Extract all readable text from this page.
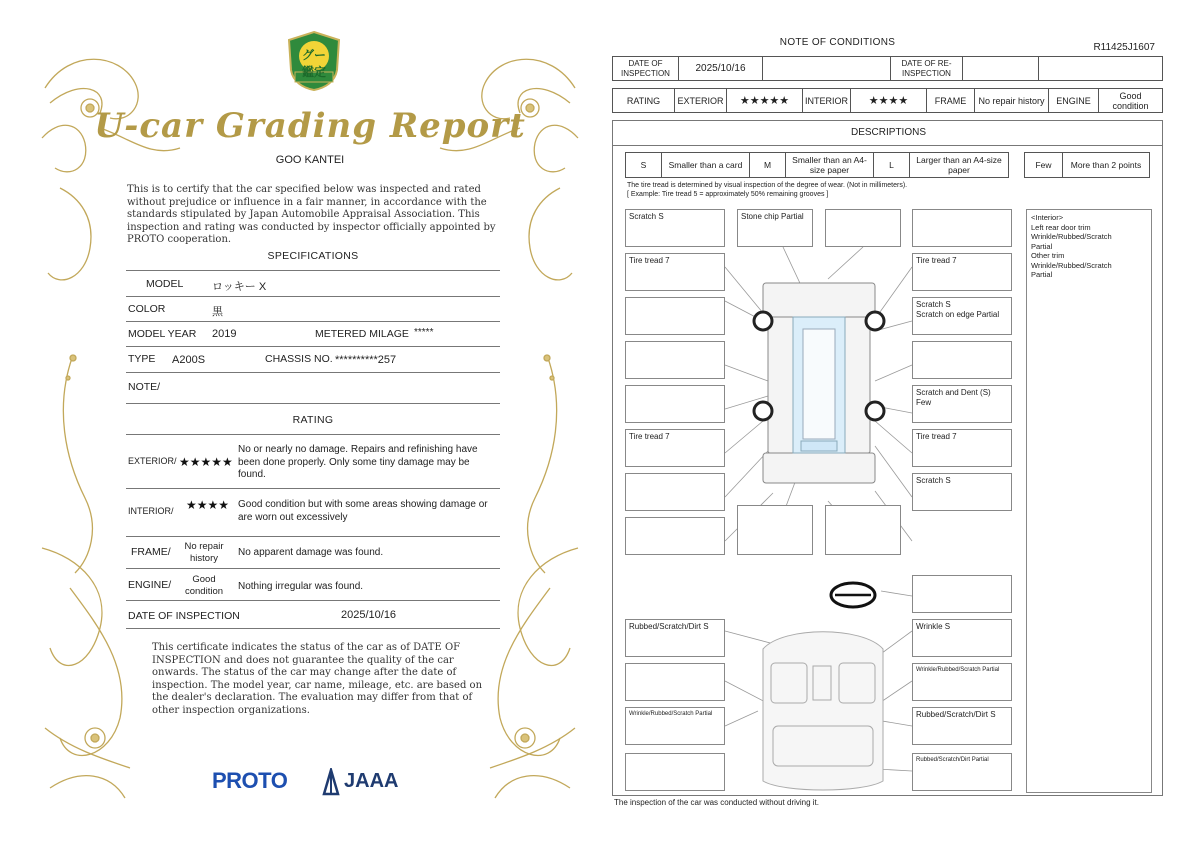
グー鑑定
U-car Grading Report
GOO KANTEI
This is to certify that the car specified below was inspected and rated without prejudice or influence in a fair manner, in accordance with the standards stipulated by Japan Automobile Appraisal Association. This inspection and rating was conducted by inspector officially appointed by PROTO cooperation.
SPECIFICATIONS
MODEL	ロッキー X
COLOR	黒
MODEL YEAR 2019	METERED MILAGE *****
TYPE A200S	CHASSIS NO. **********257
NOTE/
RATING
EXTERIOR/ ★★★★★
No or nearly no damage. Repairs and refinishing have been done properly. Only some tiny damage may be found.
INTERIOR/ ★★★★ Good condition but with some areas showing damage or are worn out excessively
FRAME/	No repair history
No apparent damage was found.
ENGINE/	Good condition	Nothing irregular was found.
DATE OF INSPECTION	2025/10/16
This certificate indicates the status of the car as of DATE OF INSPECTION and does not guarantee the quality of the car onwards. The status of the car may change after the date of inspection. The model year, car name, mileage, etc. are based on the dealer's declaration. The evaluation may differ from that of other inspection organizations.
PROTO	JAAA
NOTE OF CONDITIONS	R11425J1607
DATE OF INSPECTION	2025/10/16		DATE OF RE-INSPECTION		
RATING	EXTERIOR	★★★★★	INTERIOR	★★★★	FRAME	No repair history	ENGINE	Good condition
DESCRIPTIONS
S	Smaller than a card	M	Smaller than an A4-size paper	L	Larger than an A4-size paper	Few	More than 2 points
The tire tread is determined by visual inspection of the degree of wear. (Not in millimeters).
[ Example: Tire tread 5 = approximately 50% remaining grooves ]
Scratch S	Stone chip Partial
Tire tread 7	Tire tread 7
Scratch S
Scratch on edge Partial
Scratch and Dent (S) Few
Tire tread 7	Tire tread 7
Scratch S
Rubbed/Scratch/Dirt S	Wrinkle S
Wrinkle/Rubbed/Scratch Partial
Wrinkle/Rubbed/Scratch Partial	Rubbed/Scratch/Dirt S
Rubbed/Scratch/Dirt Partial
<Interior>
Left rear door trim
Wrinkle/Rubbed/Scratch
Partial
Other trim
Wrinkle/Rubbed/Scratch
Partial
The inspection of the car was conducted without driving it.
